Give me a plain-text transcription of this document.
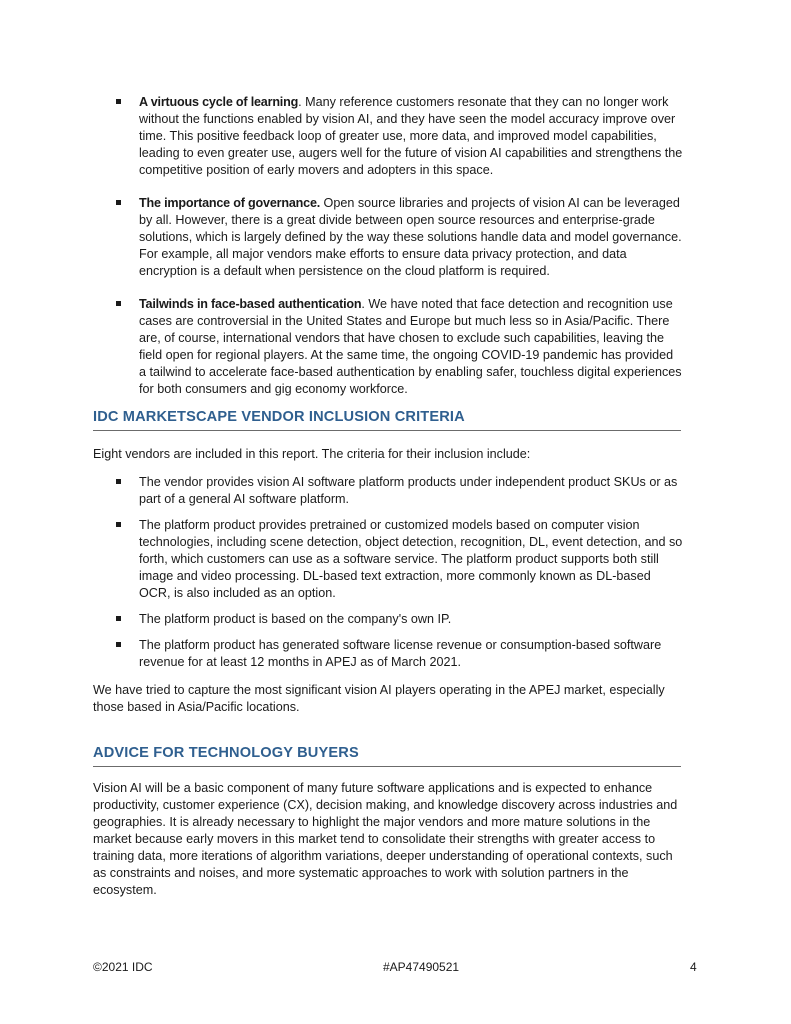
A virtuous cycle of learning. Many reference customers resonate that they can no longer work without the functions enabled by vision AI, and they have seen the model accuracy improve over time. This positive feedback loop of greater use, more data, and improved model capabilities, leading to even greater use, augers well for the future of vision AI capabilities and strengthens the competitive position of early movers and adopters in this space.
The importance of governance. Open source libraries and projects of vision AI can be leveraged by all. However, there is a great divide between open source resources and enterprise-grade solutions, which is largely defined by the way these solutions handle data and model governance. For example, all major vendors make efforts to ensure data privacy protection, and data encryption is a default when persistence on the cloud platform is required.
Tailwinds in face-based authentication. We have noted that face detection and recognition use cases are controversial in the United States and Europe but much less so in Asia/Pacific. There are, of course, international vendors that have chosen to exclude such capabilities, leaving the field open for regional players. At the same time, the ongoing COVID-19 pandemic has provided a tailwind to accelerate face-based authentication by enabling safer, touchless digital experiences for both consumers and gig economy workforce.
IDC MARKETSCAPE VENDOR INCLUSION CRITERIA

Eight vendors are included in this report. The criteria for their inclusion include:

The vendor provides vision AI software platform products under independent product SKUs or as part of a general AI software platform.
The platform product provides pretrained or customized models based on computer vision technologies, including scene detection, object detection, recognition, DL, event detection, and so forth, which customers can use as a software service. The platform product supports both still image and video processing. DL-based text extraction, more commonly known as DL-based OCR, is also included as an option.
The platform product is based on the company's own IP.
The platform product has generated software license revenue or consumption-based software revenue for at least 12 months in APEJ as of March 2021.

We have tried to capture the most significant vision AI players operating in the APEJ market, especially those based in Asia/Pacific locations.

ADVICE FOR TECHNOLOGY BUYERS

Vision AI will be a basic component of many future software applications and is expected to enhance productivity, customer experience (CX), decision making, and knowledge discovery across industries and geographies. It is already necessary to highlight the major vendors and more mature solutions in the market because early movers in this market tend to consolidate their strengths with greater access to training data, more iterations of algorithm variations, deeper understanding of operational contexts, such as constraints and noises, and more systematic approaches to work with solution partners in the ecosystem.

©2021 IDC	#AP47490521	4
